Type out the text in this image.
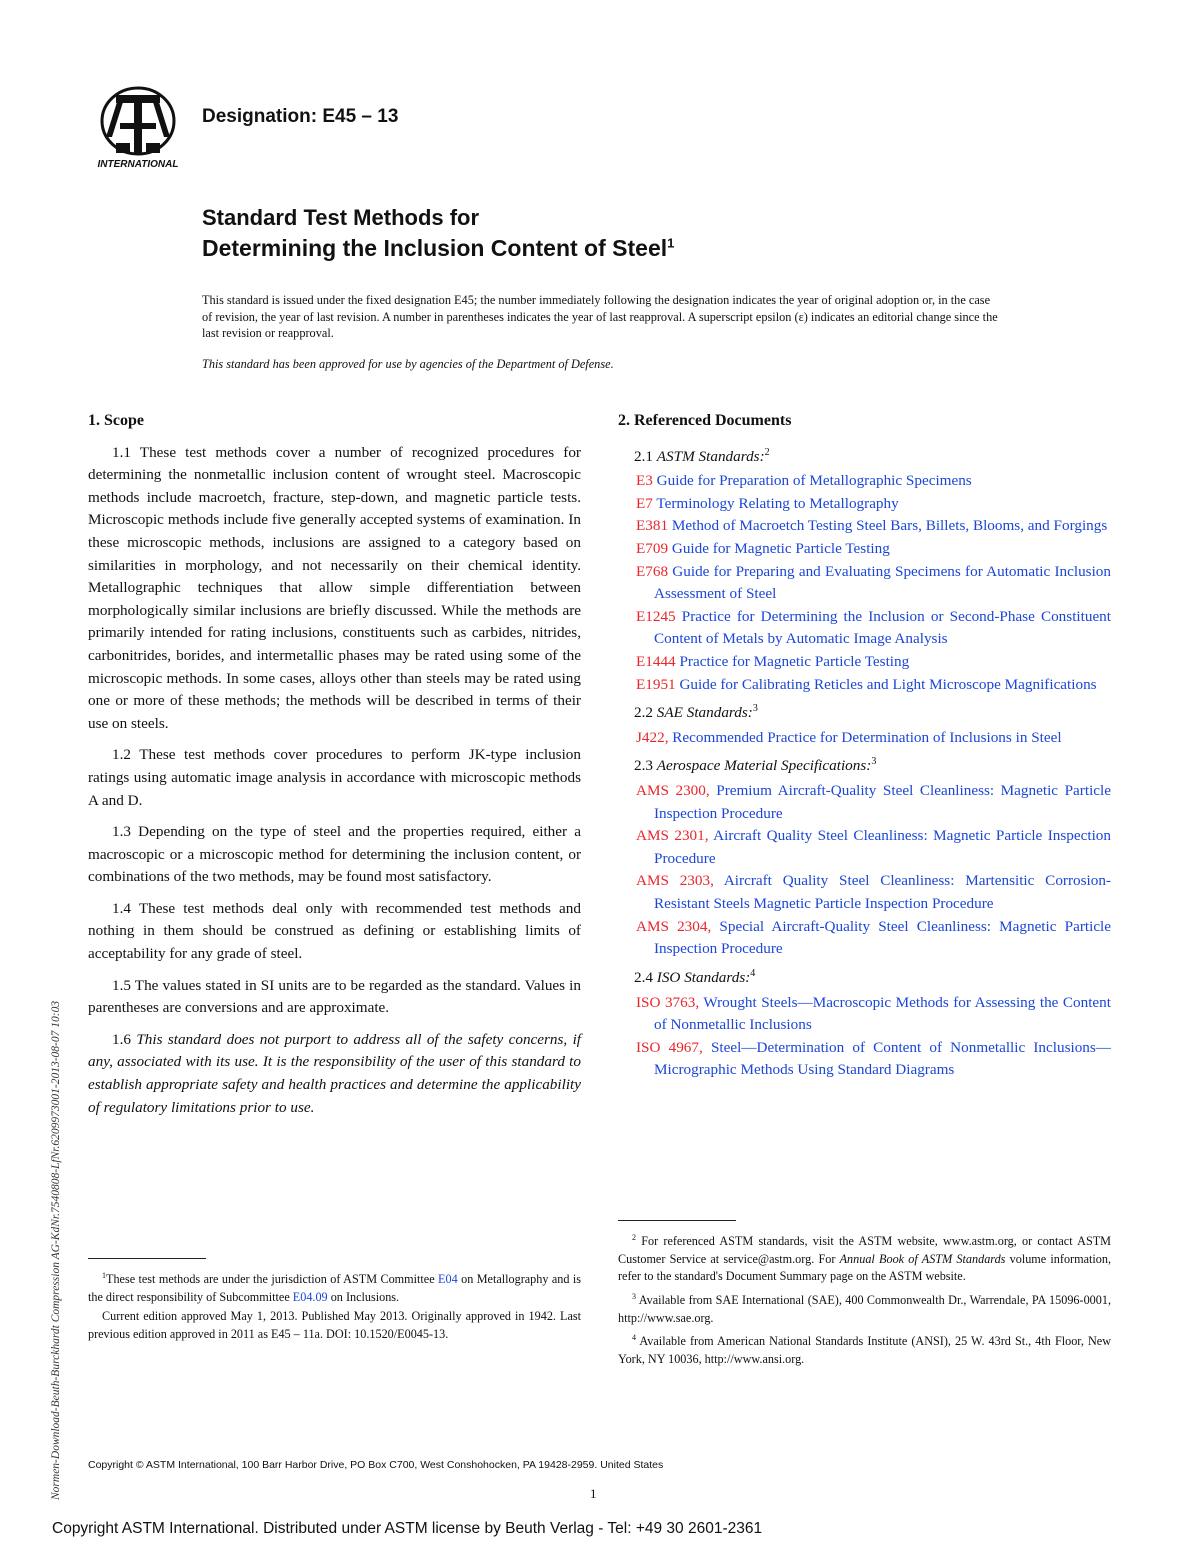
INTERNATIONAL
Designation: E45 – 13
Standard Test Methods for
Determining the Inclusion Content of Steel$^1$
This standard is issued under the fixed designation E45; the number immediately following the designation indicates the year of original adoption or, in the case of revision, the year of last revision. A number in parentheses indicates the year of last reapproval. A superscript epsilon (ε) indicates an editorial change since the last revision or reapproval.
This standard has been approved for use by agencies of the Department of Defense.
1. Scope

1.1 These test methods cover a number of recognized procedures for determining the nonmetallic inclusion content of wrought steel. Macroscopic methods include macroetch, fracture, step-down, and magnetic particle tests. Microscopic methods include five generally accepted systems of examination. In these microscopic methods, inclusions are assigned to a category based on similarities in morphology, and not necessarily on their chemical identity. Metallographic techniques that allow simple differentiation between morphologically similar inclusions are briefly discussed. While the methods are primarily intended for rating inclusions, constituents such as carbides, nitrides, carbonitrides, borides, and intermetallic phases may be rated using some of the microscopic methods. In some cases, alloys other than steels may be rated using one or more of these methods; the methods will be described in terms of their use on steels.

1.2 These test methods cover procedures to perform JK-type inclusion ratings using automatic image analysis in accordance with microscopic methods A and D.

1.3 Depending on the type of steel and the properties required, either a macroscopic or a microscopic method for determining the inclusion content, or combinations of the two methods, may be found most satisfactory.

1.4 These test methods deal only with recommended test methods and nothing in them should be construed as defining or establishing limits of acceptability for any grade of steel.

1.5 The values stated in SI units are to be regarded as the standard. Values in parentheses are conversions and are approximate.

1.6 This standard does not purport to address all of the safety concerns, if any, associated with its use. It is the responsibility of the user of this standard to establish appropriate safety and health practices and determine the applicability of regulatory limitations prior to use.

2. Referenced Documents
2.1 ASTM Standards:$^2$
E3 Guide for Preparation of Metallographic Specimens
E7 Terminology Relating to Metallography
E381 Method of Macroetch Testing Steel Bars, Billets, Blooms, and Forgings
E709 Guide for Magnetic Particle Testing
E768 Guide for Preparing and Evaluating Specimens for Automatic Inclusion Assessment of Steel
E1245 Practice for Determining the Inclusion or Second-Phase Constituent Content of Metals by Automatic Image Analysis
E1444 Practice for Magnetic Particle Testing
E1951 Guide for Calibrating Reticles and Light Microscope Magnifications
2.2 SAE Standards:$^3$
J422, Recommended Practice for Determination of Inclusions in Steel
2.3 Aerospace Material Specifications:$^3$
AMS 2300, Premium Aircraft-Quality Steel Cleanliness: Magnetic Particle Inspection Procedure
AMS 2301, Aircraft Quality Steel Cleanliness: Magnetic Particle Inspection Procedure
AMS 2303, Aircraft Quality Steel Cleanliness: Martensitic Corrosion-Resistant Steels Magnetic Particle Inspection Procedure
AMS 2304, Special Aircraft-Quality Steel Cleanliness: Magnetic Particle Inspection Procedure
2.4 ISO Standards:$^4$
ISO 3763, Wrought Steels—Macroscopic Methods for Assessing the Content of Nonmetallic Inclusions
ISO 4967, Steel—Determination of Content of Nonmetallic Inclusions—Micrographic Methods Using Standard Diagrams

$^1$These test methods are under the jurisdiction of ASTM Committee E04 on Metallography and is the direct responsibility of Subcommittee E04.09 on Inclusions.

Current edition approved May 1, 2013. Published May 2013. Originally approved in 1942. Last previous edition approved in 2011 as E45 – 11a. DOI: 10.1520/E0045-13.

$^2$ For referenced ASTM standards, visit the ASTM website, www.astm.org, or contact ASTM Customer Service at service@astm.org. For Annual Book of ASTM Standards volume information, refer to the standard's Document Summary page on the ASTM website.

$^3$ Available from SAE International (SAE), 400 Commonwealth Dr., Warrendale, PA 15096-0001, http://www.sae.org.

$^4$ Available from American National Standards Institute (ANSI), 25 W. 43rd St., 4th Floor, New York, NY 10036, http://www.ansi.org.

Copyright © ASTM International, 100 Barr Harbor Drive, PO Box C700, West Conshohocken, PA 19428-2959. United States
1
Copyright ASTM International. Distributed under ASTM license by Beuth Verlag - Tel: +49 30 2601-2361
Normen-Download-Beuth-Burckhardt Compression AG-KdNr.7540808-LfNr.6209973001-2013-08-07 10:03
